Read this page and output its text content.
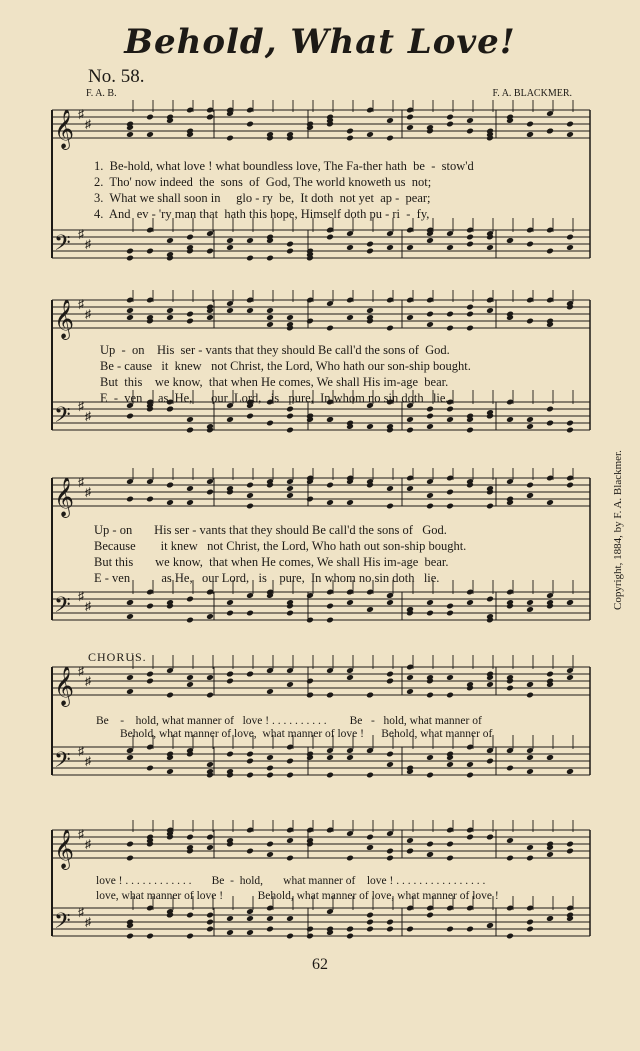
Behold, What Love!
No. 58.
F. A. B.	F. A. BLACKMER.
𝄞 ♯
♯
𝄢 ♯
♯
1.  Be-hold, what love ! what boundless love, The Fa-ther hath  be  -  stow'd
2.  Tho' now indeed  the  sons  of  God, The world knoweth us  not;
3.  What we shall soon in     glo - ry  be,  It doth  not yet  ap -  pear;
4.  And  ev - 'ry man that  hath this hope, Himself doth pu - ri  -  fy,
𝄞 ♯
♯
𝄢 ♯
♯
Up  -  on    His  ser - vants that they should Be call'd the sons of  God.
Be - cause   it  knew   not Christ, the Lord, Who hath our son-ship bought.
But  this    we know,  that when He comes, We shall His im-age  bear.
E  -  ven     as  He,      our  Lord,   is   pure,  In whom no sin doth   lie.
𝄞 ♯
♯
𝄢 ♯
♯
Up - on       His ser - vants that they should Be call'd the sons of   God.
Because        it knew   not Christ, the Lord, Who hath out son-ship bought.
But this       we know,  that when He comes, We shall His im-age  bear.
E - ven          as He,   our Lord,   is    pure,  In whom no sin doth   lie.
CHORUS.
𝄞 ♯
♯
𝄢 ♯
♯
Be    -    hold, what manner of   love ! . . . . . . . . . .        Be   -   hold, what manner of
Behold, what manner of love,  what manner of love !      Behold, what manner of
𝄞 ♯
♯
𝄢 ♯
♯
love ! . . . . . . . . . . . .       Be  -  hold,       what manner of    love ! . . . . . . . . . . . . . . . .
love, what manner of love !            Behold, what manner of love, what manner of love !
Copyright, 1884, by F. A. Blackmer.
62
